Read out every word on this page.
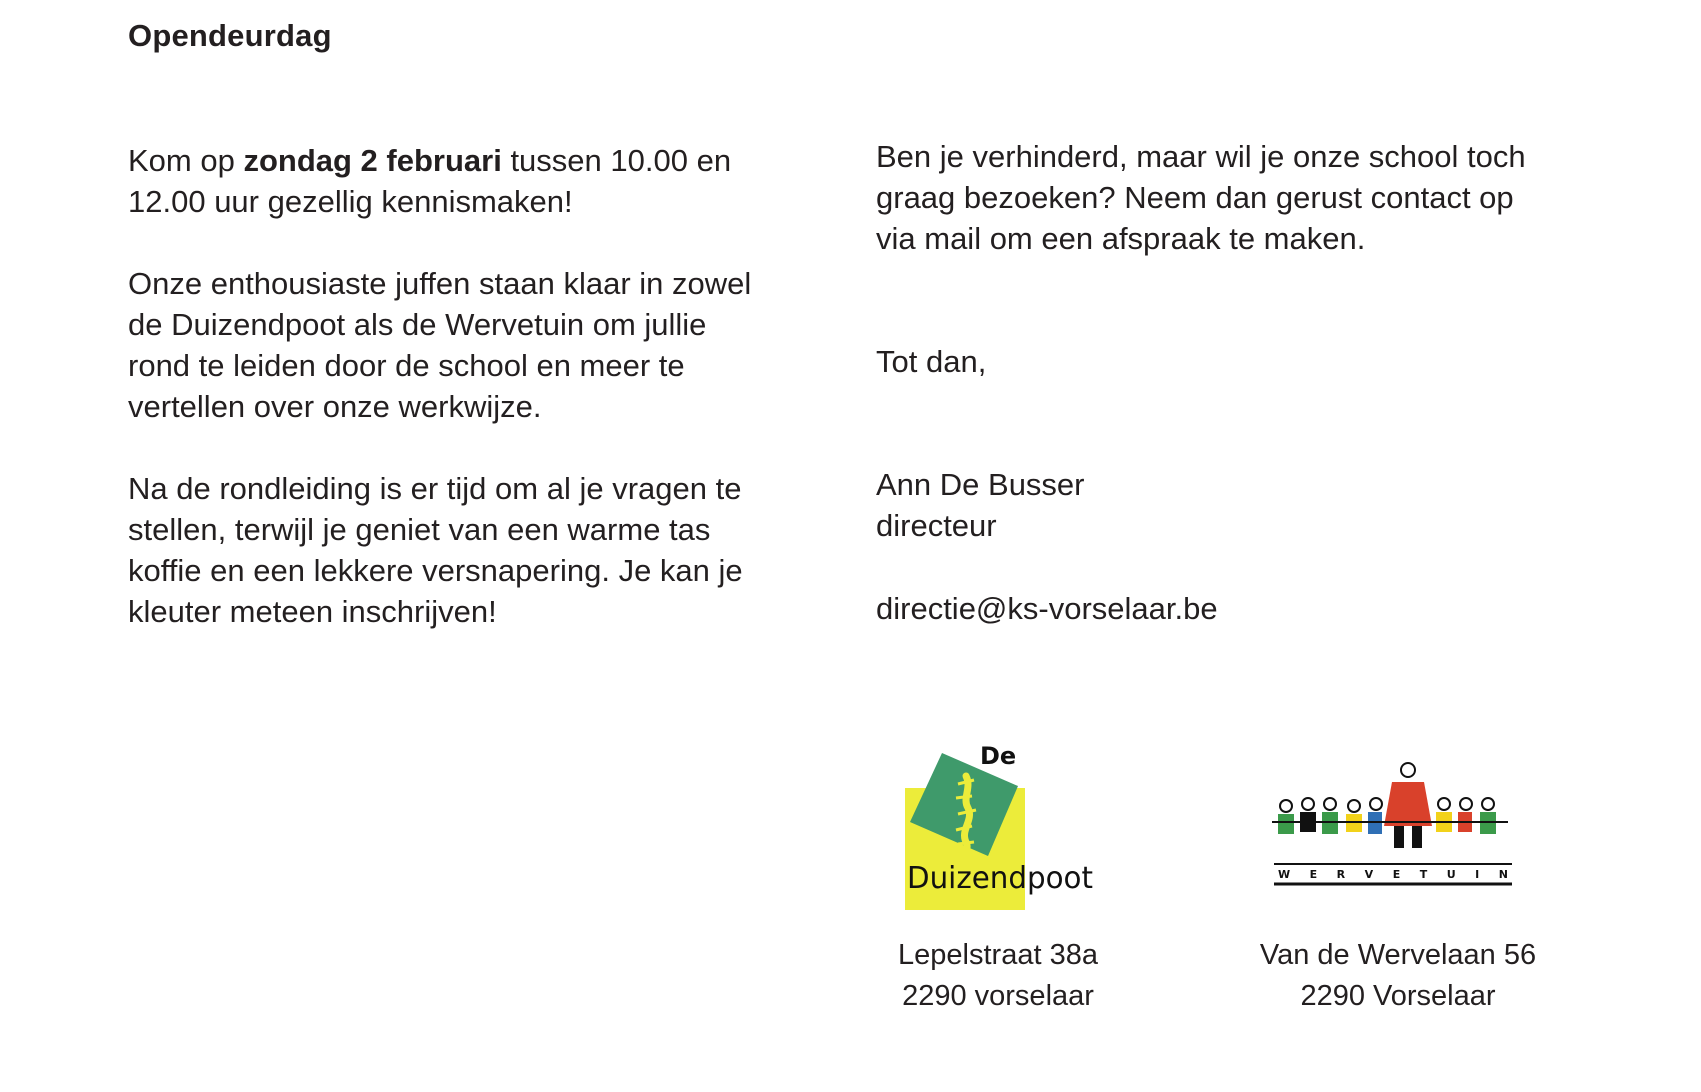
Opendeurdag

Kom op zondag 2 februari tussen 10.00 en

12.00 uur gezellig kennismaken!

Onze enthousiaste juffen staan klaar in zowel

de Duizendpoot als de Wervetuin om jullie

rond te leiden door de school en meer te

vertellen over onze werkwijze.

Na de rondleiding is er tijd om al je vragen te

stellen, terwijl je geniet van een warme tas

koffie en een lekkere versnapering. Je kan je

kleuter meteen inschrijven!

Ben je verhinderd, maar wil je onze school toch

graag bezoeken? Neem dan gerust contact op

via mail om een afspraak te maken.

Tot dan,

Ann De Busser

directeur

directie@ks-vorselaar.be

De
Duizendpoot	W E R V E T U I N
Lepelstraat 38a
2290 vorselaar
Van de Wervelaan 56
2290 Vorselaar
